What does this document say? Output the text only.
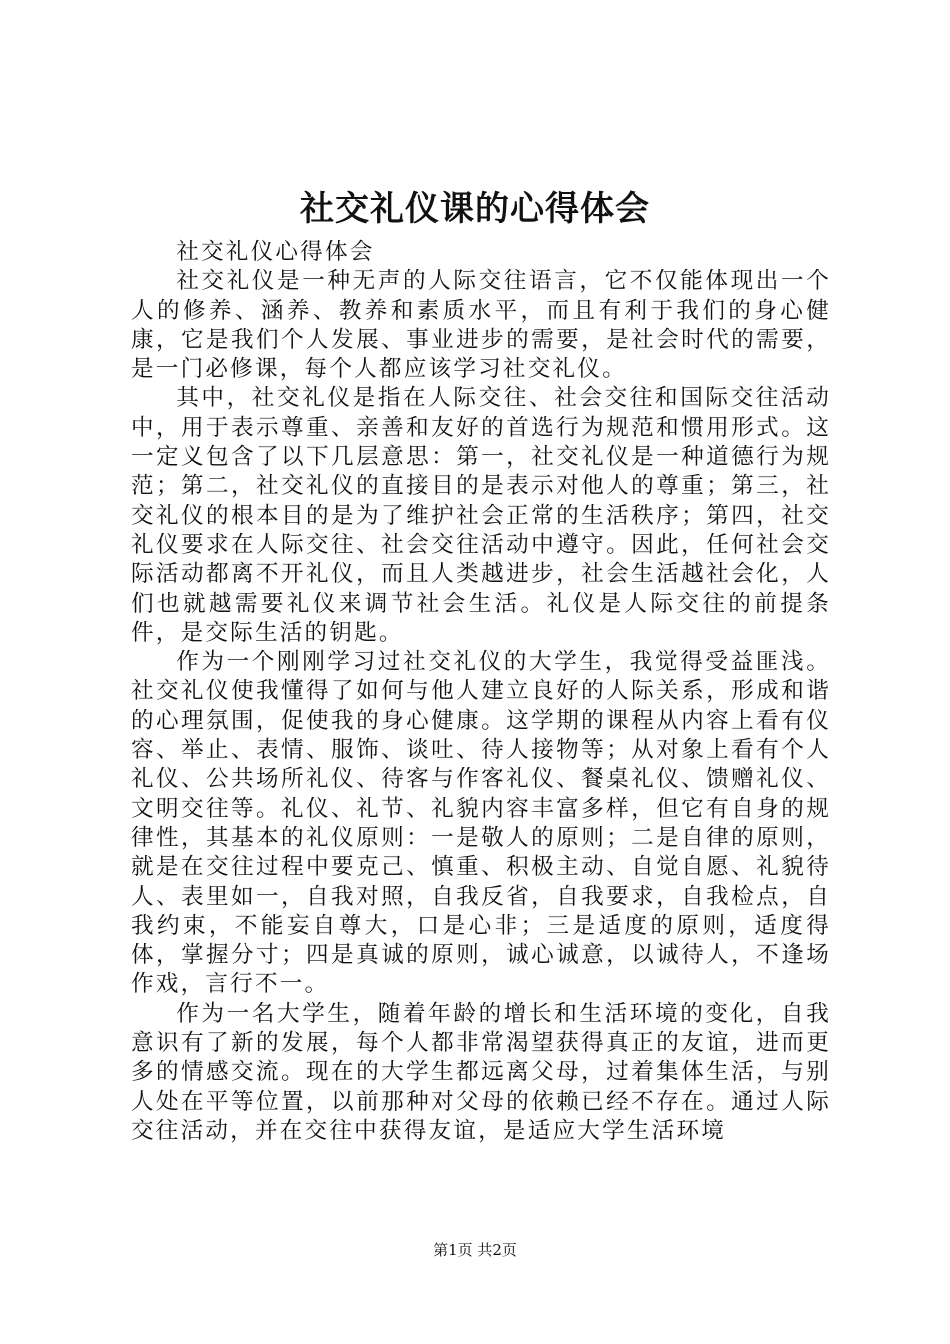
社交礼仪课的心得体会

社交礼仪心得体会

社交礼仪是一种无声的人际交往语言，它不仅能体现出一个人的修养、涵养、教养和素质水平，而且有利于我们的身心健康，它是我们个人发展、事业进步的需要，是社会时代的需要，是一门必修课，每个人都应该学习社交礼仪。

其中，社交礼仪是指在人际交往、社会交往和国际交往活动中，用于表示尊重、亲善和友好的首选行为规范和惯用形式。这一定义包含了以下几层意思：第一，社交礼仪是一种道德行为规范；第二，社交礼仪的直接目的是表示对他人的尊重；第三，社交礼仪的根本目的是为了维护社会正常的生活秩序；第四，社交礼仪要求在人际交往、社会交往活动中遵守。因此，任何社会交际活动都离不开礼仪，而且人类越进步，社会生活越社会化，人们也就越需要礼仪来调节社会生活。礼仪是人际交往的前提条件，是交际生活的钥匙。

作为一个刚刚学习过社交礼仪的大学生，我觉得受益匪浅。社交礼仪使我懂得了如何与他人建立良好的人际关系，形成和谐的心理氛围，促使我的身心健康。这学期的课程从内容上看有仪容、举止、表情、服饰、谈吐、待人接物等；从对象上看有个人礼仪、公共场所礼仪、待客与作客礼仪、餐桌礼仪、馈赠礼仪、文明交往等。礼仪、礼节、礼貌内容丰富多样，但它有自身的规律性，其基本的礼仪原则：一是敬人的原则；二是自律的原则，就是在交往过程中要克己、慎重、积极主动、自觉自愿、礼貌待人、表里如一，自我对照，自我反省，自我要求，自我检点，自我约束，不能妄自尊大，口是心非；三是适度的原则，适度得体，掌握分寸；四是真诚的原则，诚心诚意，以诚待人，不逢场作戏，言行不一。

作为一名大学生，随着年龄的增长和生活环境的变化，自我意识有了新的发展，每个人都非常渴望获得真正的友谊，进而更多的情感交流。现在的大学生都远离父母，过着集体生活，与别人处在平等位置，以前那种对父母的依赖已经不存在。通过人际交往活动，并在交往中获得友谊，是适应大学生活环境

第1页 共2页
